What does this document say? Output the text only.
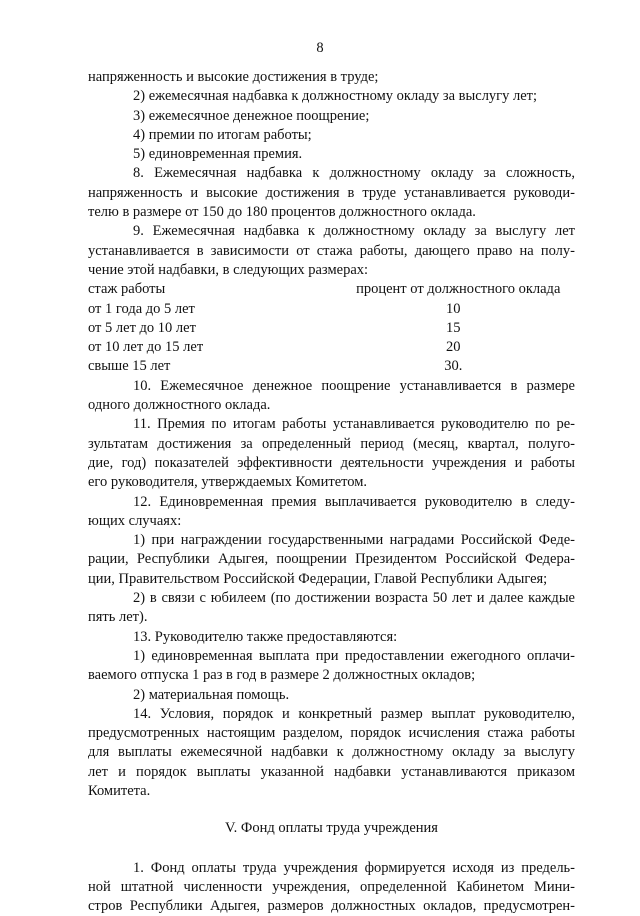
8

напряженность и высокие достижения в труде;

2) ежемесячная надбавка к должностному окладу за выслугу лет;

3) ежемесячное денежное поощрение;

4) премии по итогам работы;

5) единовременная премия.

8. Ежемесячная надбавка к должностному окладу за сложность,

напряженность и высокие достижения в труде устанавливается руководи-

телю в размере от 150 до 180 процентов должностного оклада.

9. Ежемесячная надбавка к должностному окладу за выслугу лет

устанавливается в зависимости от стажа работы, дающего право на полу-

чение этой надбавки, в следующих размерах:

стаж работы	процент от должностного оклада
от 1 года до 5 лет	10
от 5 лет до 10 лет	15
от 10 лет до 15 лет	20
свыше 15 лет	30.

10. Ежемесячное денежное поощрение устанавливается в размере

одного должностного оклада.

11. Премия по итогам работы устанавливается руководителю по ре-

зультатам достижения за определенный период (месяц, квартал, полуго-

дие, год) показателей эффективности деятельности учреждения и работы

его руководителя, утверждаемых Комитетом.

12. Единовременная премия выплачивается руководителю в следу-

ющих случаях:

1) при награждении государственными наградами Российской Феде-

рации, Республики Адыгея, поощрении Президентом Российской Федера-

ции, Правительством Российской Федерации, Главой Республики Адыгея;

2) в связи с юбилеем (по достижении возраста 50 лет и далее каждые

пять лет).

13. Руководителю также предоставляются:

1) единовременная выплата при предоставлении ежегодного оплачи-

ваемого отпуска 1 раз в год в размере 2 должностных окладов;

2) материальная помощь.

14. Условия, порядок и конкретный размер выплат руководителю,

предусмотренных настоящим разделом, порядок исчисления стажа работы

для выплаты ежемесячной надбавки к должностному окладу за выслугу

лет и порядок выплаты указанной надбавки устанавливаются приказом

Комитета.

V. Фонд оплаты труда учреждения

1. Фонд оплаты труда учреждения формируется исходя из предель-

ной штатной численности учреждения, определенной Кабинетом Мини-

стров Республики Адыгея, размеров должностных окладов, предусмотрен-
